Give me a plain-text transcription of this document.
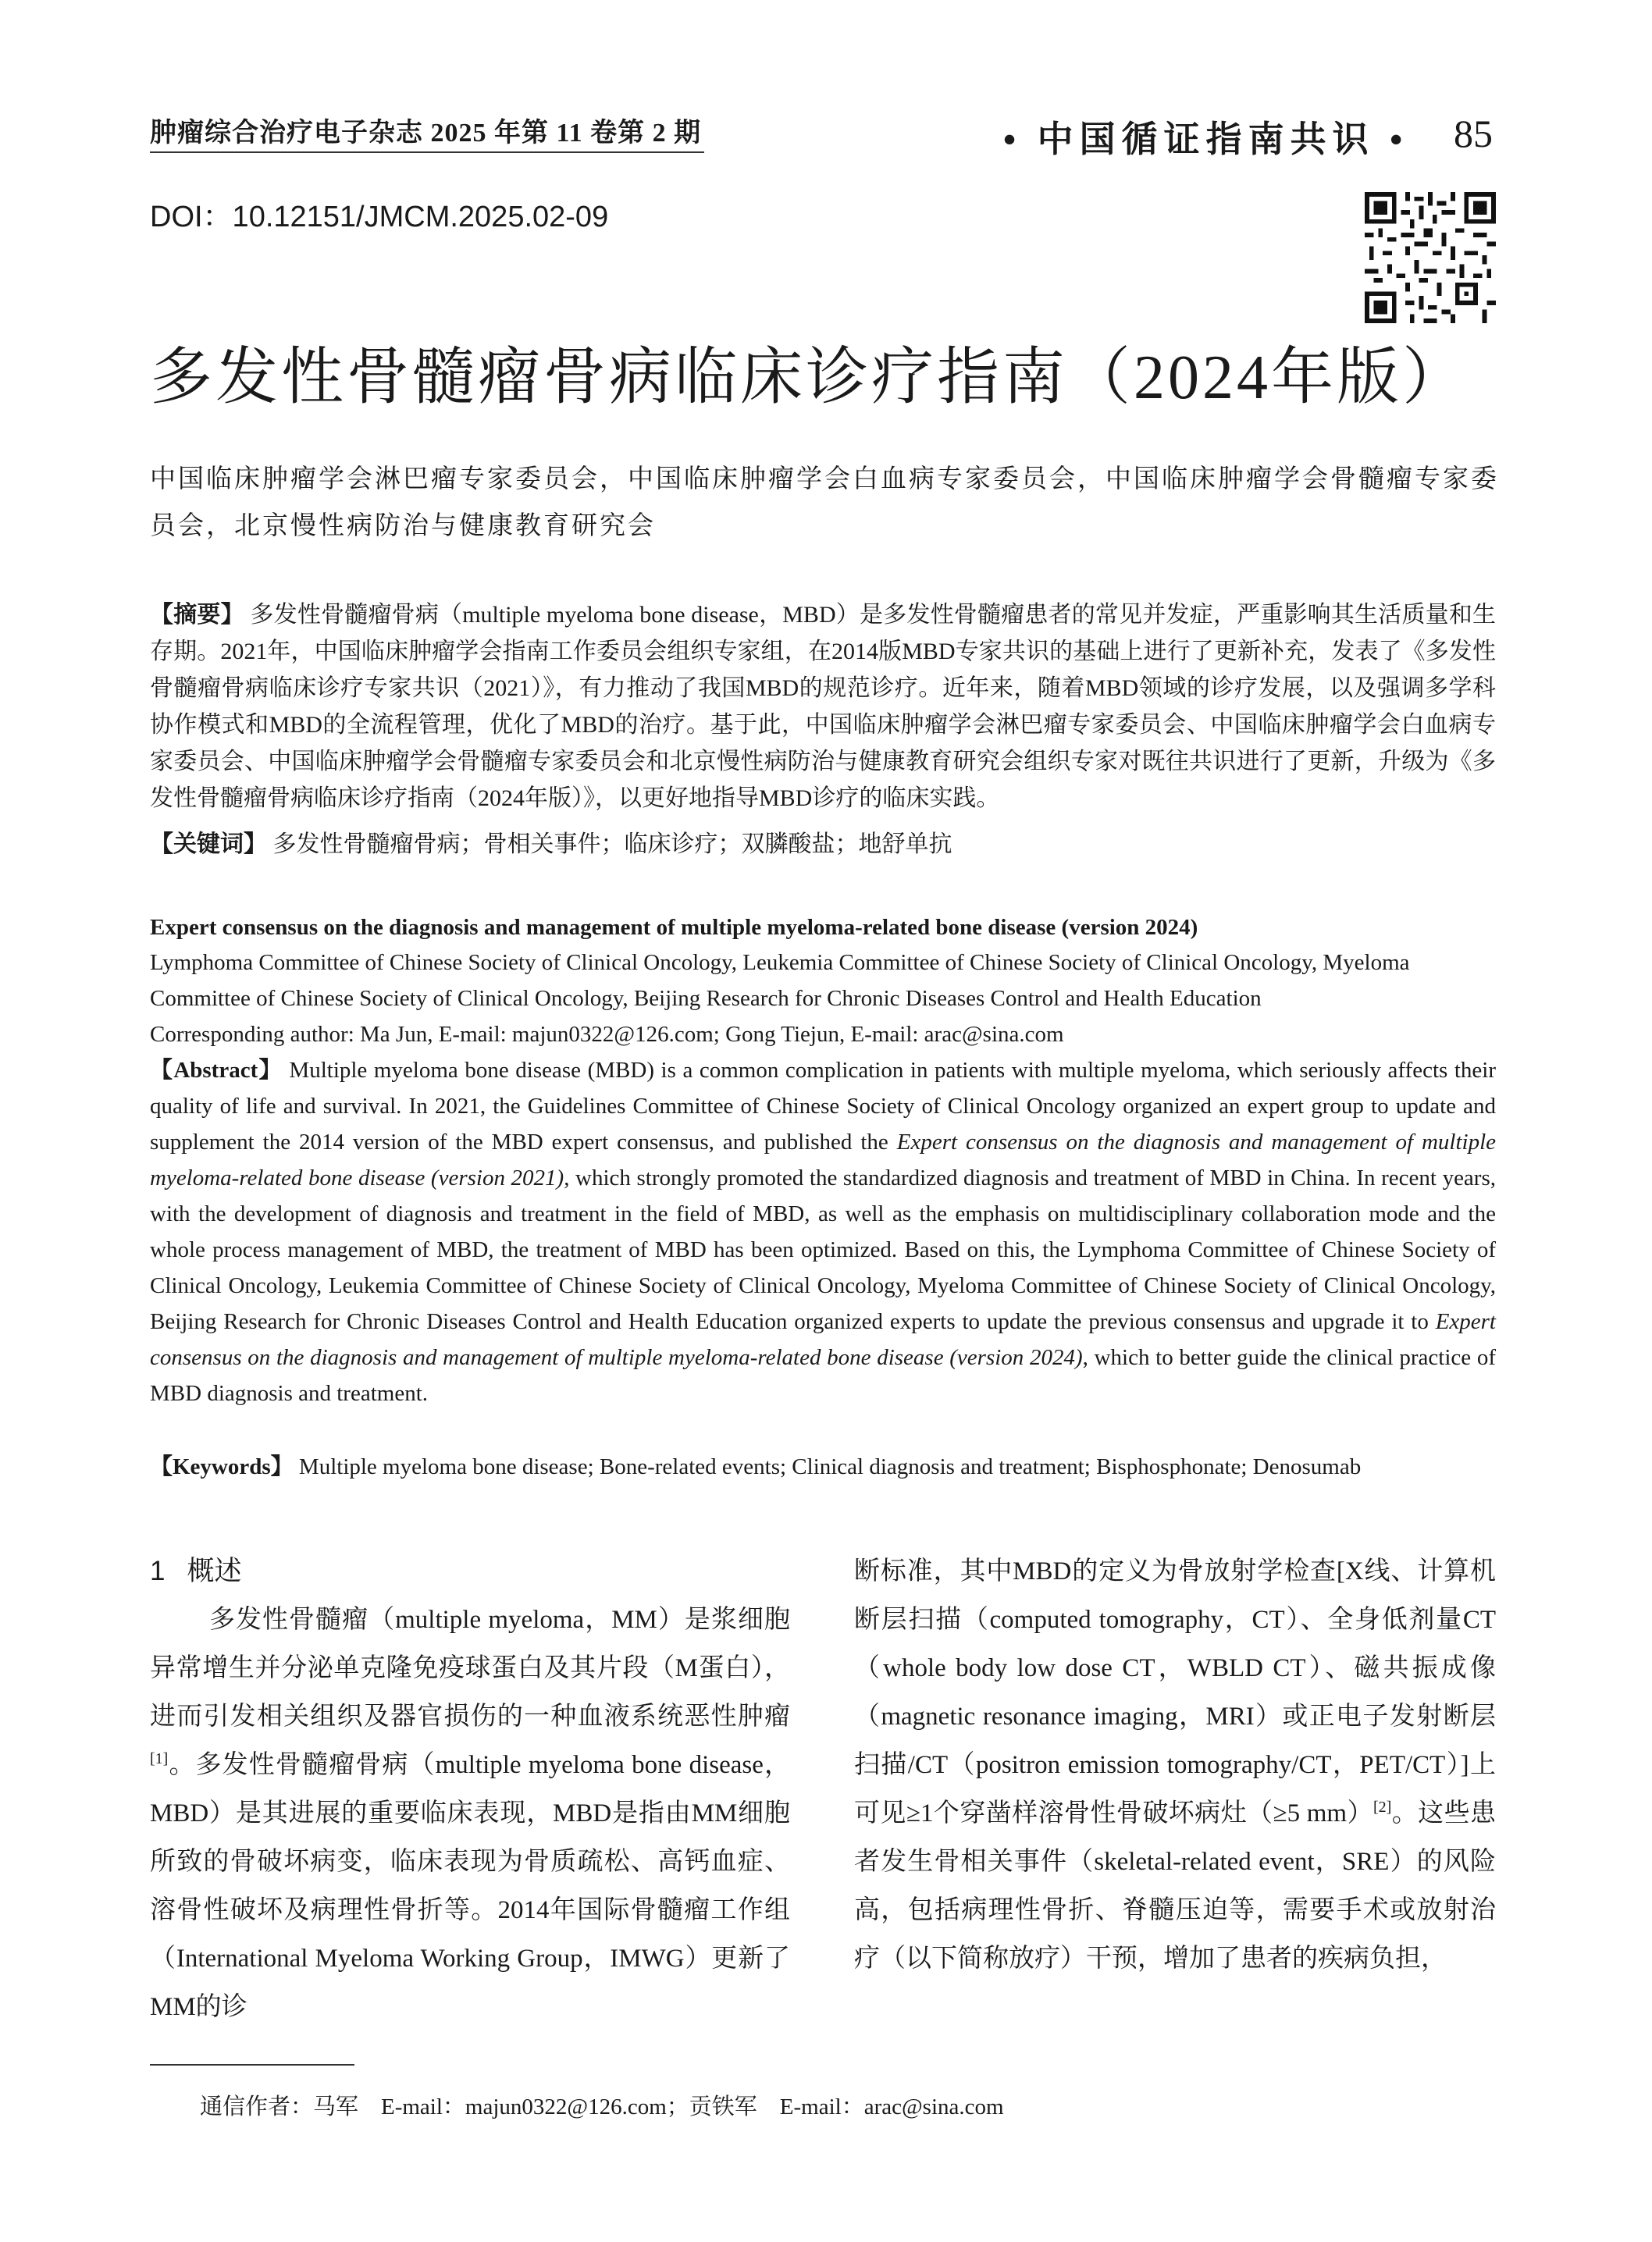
肿瘤综合治疗电子杂志 2025 年第 11 卷第 2 期	• 中国循证指南共识 • 85
DOI：10.12151/JMCM.2025.02-09
多发性骨髓瘤骨病临床诊疗指南（2024年版）
中国临床肿瘤学会淋巴瘤专家委员会，中国临床肿瘤学会白血病专家委员会，中国临床肿瘤学会骨髓瘤专家委员会，北京慢性病防治与健康教育研究会
【摘要】 多发性骨髓瘤骨病（multiple myeloma bone disease，MBD）是多发性骨髓瘤患者的常见并发症，严重影响其生活质量和生存期。2021年，中国临床肿瘤学会指南工作委员会组织专家组，在2014版MBD专家共识的基础上进行了更新补充，发表了《多发性骨髓瘤骨病临床诊疗专家共识（2021）》，有力推动了我国MBD的规范诊疗。近年来，随着MBD领域的诊疗发展，以及强调多学科协作模式和MBD的全流程管理，优化了MBD的治疗。基于此，中国临床肿瘤学会淋巴瘤专家委员会、中国临床肿瘤学会白血病专家委员会、中国临床肿瘤学会骨髓瘤专家委员会和北京慢性病防治与健康教育研究会组织专家对既往共识进行了更新，升级为《多发性骨髓瘤骨病临床诊疗指南（2024年版）》，以更好地指导MBD诊疗的临床实践。
【关键词】 多发性骨髓瘤骨病；骨相关事件；临床诊疗；双膦酸盐；地舒单抗
Expert consensus on the diagnosis and management of multiple myeloma-related bone disease (version 2024)
Lymphoma Committee of Chinese Society of Clinical Oncology, Leukemia Committee of Chinese Society of Clinical Oncology, Myeloma Committee of Chinese Society of Clinical Oncology, Beijing Research for Chronic Diseases Control and Health Education
Corresponding author: Ma Jun, E-mail: majun0322@126.com; Gong Tiejun, E-mail: arac@sina.com
【Abstract】 Multiple myeloma bone disease (MBD) is a common complication in patients with multiple myeloma, which seriously affects their quality of life and survival. In 2021, the Guidelines Committee of Chinese Society of Clinical Oncology organized an expert group to update and supplement the 2014 version of the MBD expert consensus, and published the Expert consensus on the diagnosis and management of multiple myeloma-related bone disease (version 2021), which strongly promoted the standardized diagnosis and treatment of MBD in China. In recent years, with the development of diagnosis and treatment in the field of MBD, as well as the emphasis on multidisciplinary collaboration mode and the whole process management of MBD, the treatment of MBD has been optimized. Based on this, the Lymphoma Committee of Chinese Society of Clinical Oncology, Leukemia Committee of Chinese Society of Clinical Oncology, Myeloma Committee of Chinese Society of Clinical Oncology, Beijing Research for Chronic Diseases Control and Health Education organized experts to update the previous consensus and upgrade it to Expert consensus on the diagnosis and management of multiple myeloma-related bone disease (version 2024), which to better guide the clinical practice of MBD diagnosis and treatment.
【Keywords】 Multiple myeloma bone disease; Bone-related events; Clinical diagnosis and treatment; Bisphosphonate; Denosumab
1 概述
多发性骨髓瘤（multiple myeloma，MM）是浆细胞异常增生并分泌单克隆免疫球蛋白及其片段（M蛋白），进而引发相关组织及器官损伤的一种血液系统恶性肿瘤[1]。多发性骨髓瘤骨病（multiple myeloma bone disease，MBD）是其进展的重要临床表现，MBD是指由MM细胞所致的骨破坏病变，临床表现为骨质疏松、高钙血症、溶骨性破坏及病理性骨折等。2014年国际骨髓瘤工作组（International Myeloma Working Group，IMWG）更新了MM的诊
断标准，其中MBD的定义为骨放射学检查[X线、计算机断层扫描（computed tomography，CT）、全身低剂量CT（whole body low dose CT，WBLD CT）、磁共振成像（magnetic resonance imaging，MRI）或正电子发射断层扫描/CT（positron emission tomography/CT，PET/CT）]上可见≥1个穿凿样溶骨性骨破坏病灶（≥5 mm）[2]。这些患者发生骨相关事件（skeletal-related event，SRE）的风险高，包括病理性骨折、脊髓压迫等，需要手术或放射治疗（以下简称放疗）干预，增加了患者的疾病负担，
通信作者：马军　E-mail：majun0322@126.com；贡铁军　E-mail：arac@sina.com
